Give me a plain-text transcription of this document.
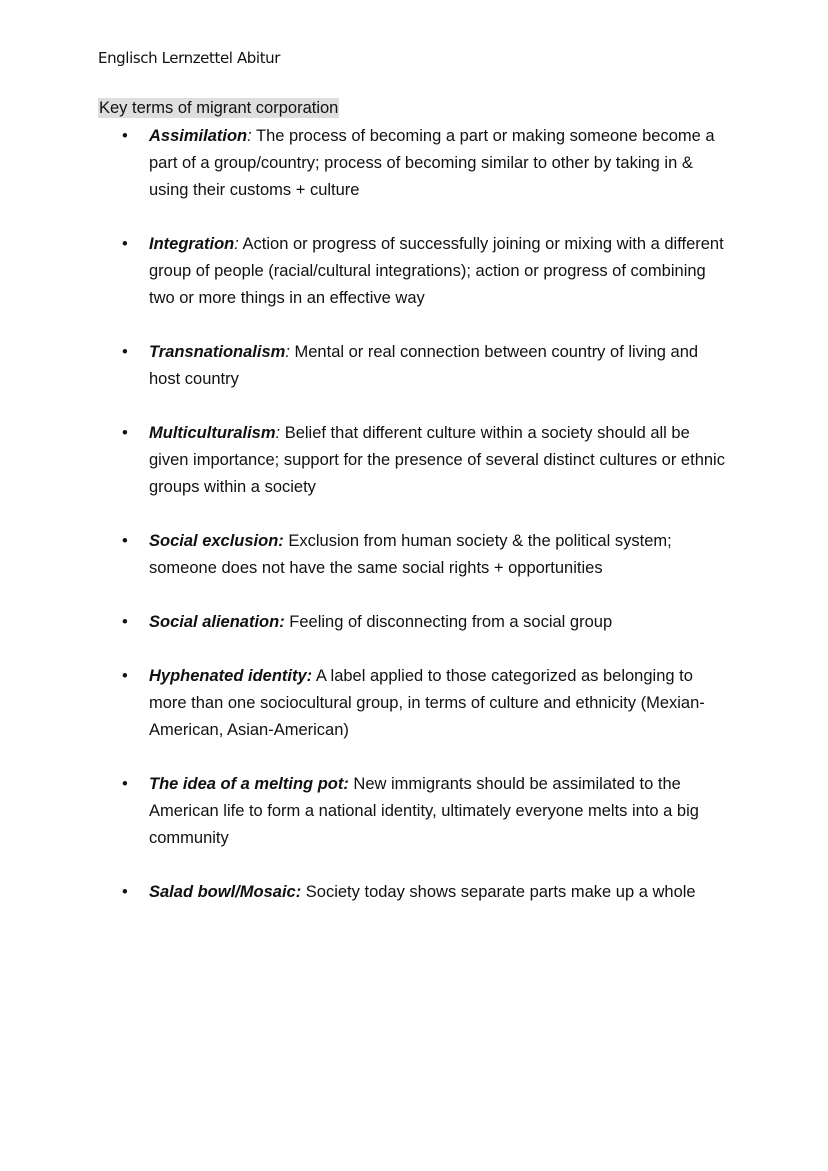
Englisch Lernzettel Abitur
Key terms of migrant corporation
• Assimilation: The process of becoming a part or making someone become a part of a group/country; process of becoming similar to other by taking in & using their customs + culture
• Integration: Action or progress of successfully joining or mixing with a different group of people (racial/cultural integrations); action or progress of combining two or more things in an effective way
• Transnationalism: Mental or real connection between country of living and host country
• Multiculturalism: Belief that different culture within a society should all be given importance; support for the presence of several distinct cultures or ethnic groups within a society
• Social exclusion: Exclusion from human society & the political system; someone does not have the same social rights + opportunities
• Social alienation: Feeling of disconnecting from a social group
• Hyphenated identity: A label applied to those categorized as belonging to more than one sociocultural group, in terms of culture and ethnicity (Mexian-American, Asian-American)
• The idea of a melting pot: New immigrants should be assimilated to the American life to form a national identity, ultimately everyone melts into a big community
• Salad bowl/Mosaic: Society today shows separate parts make up a whole
